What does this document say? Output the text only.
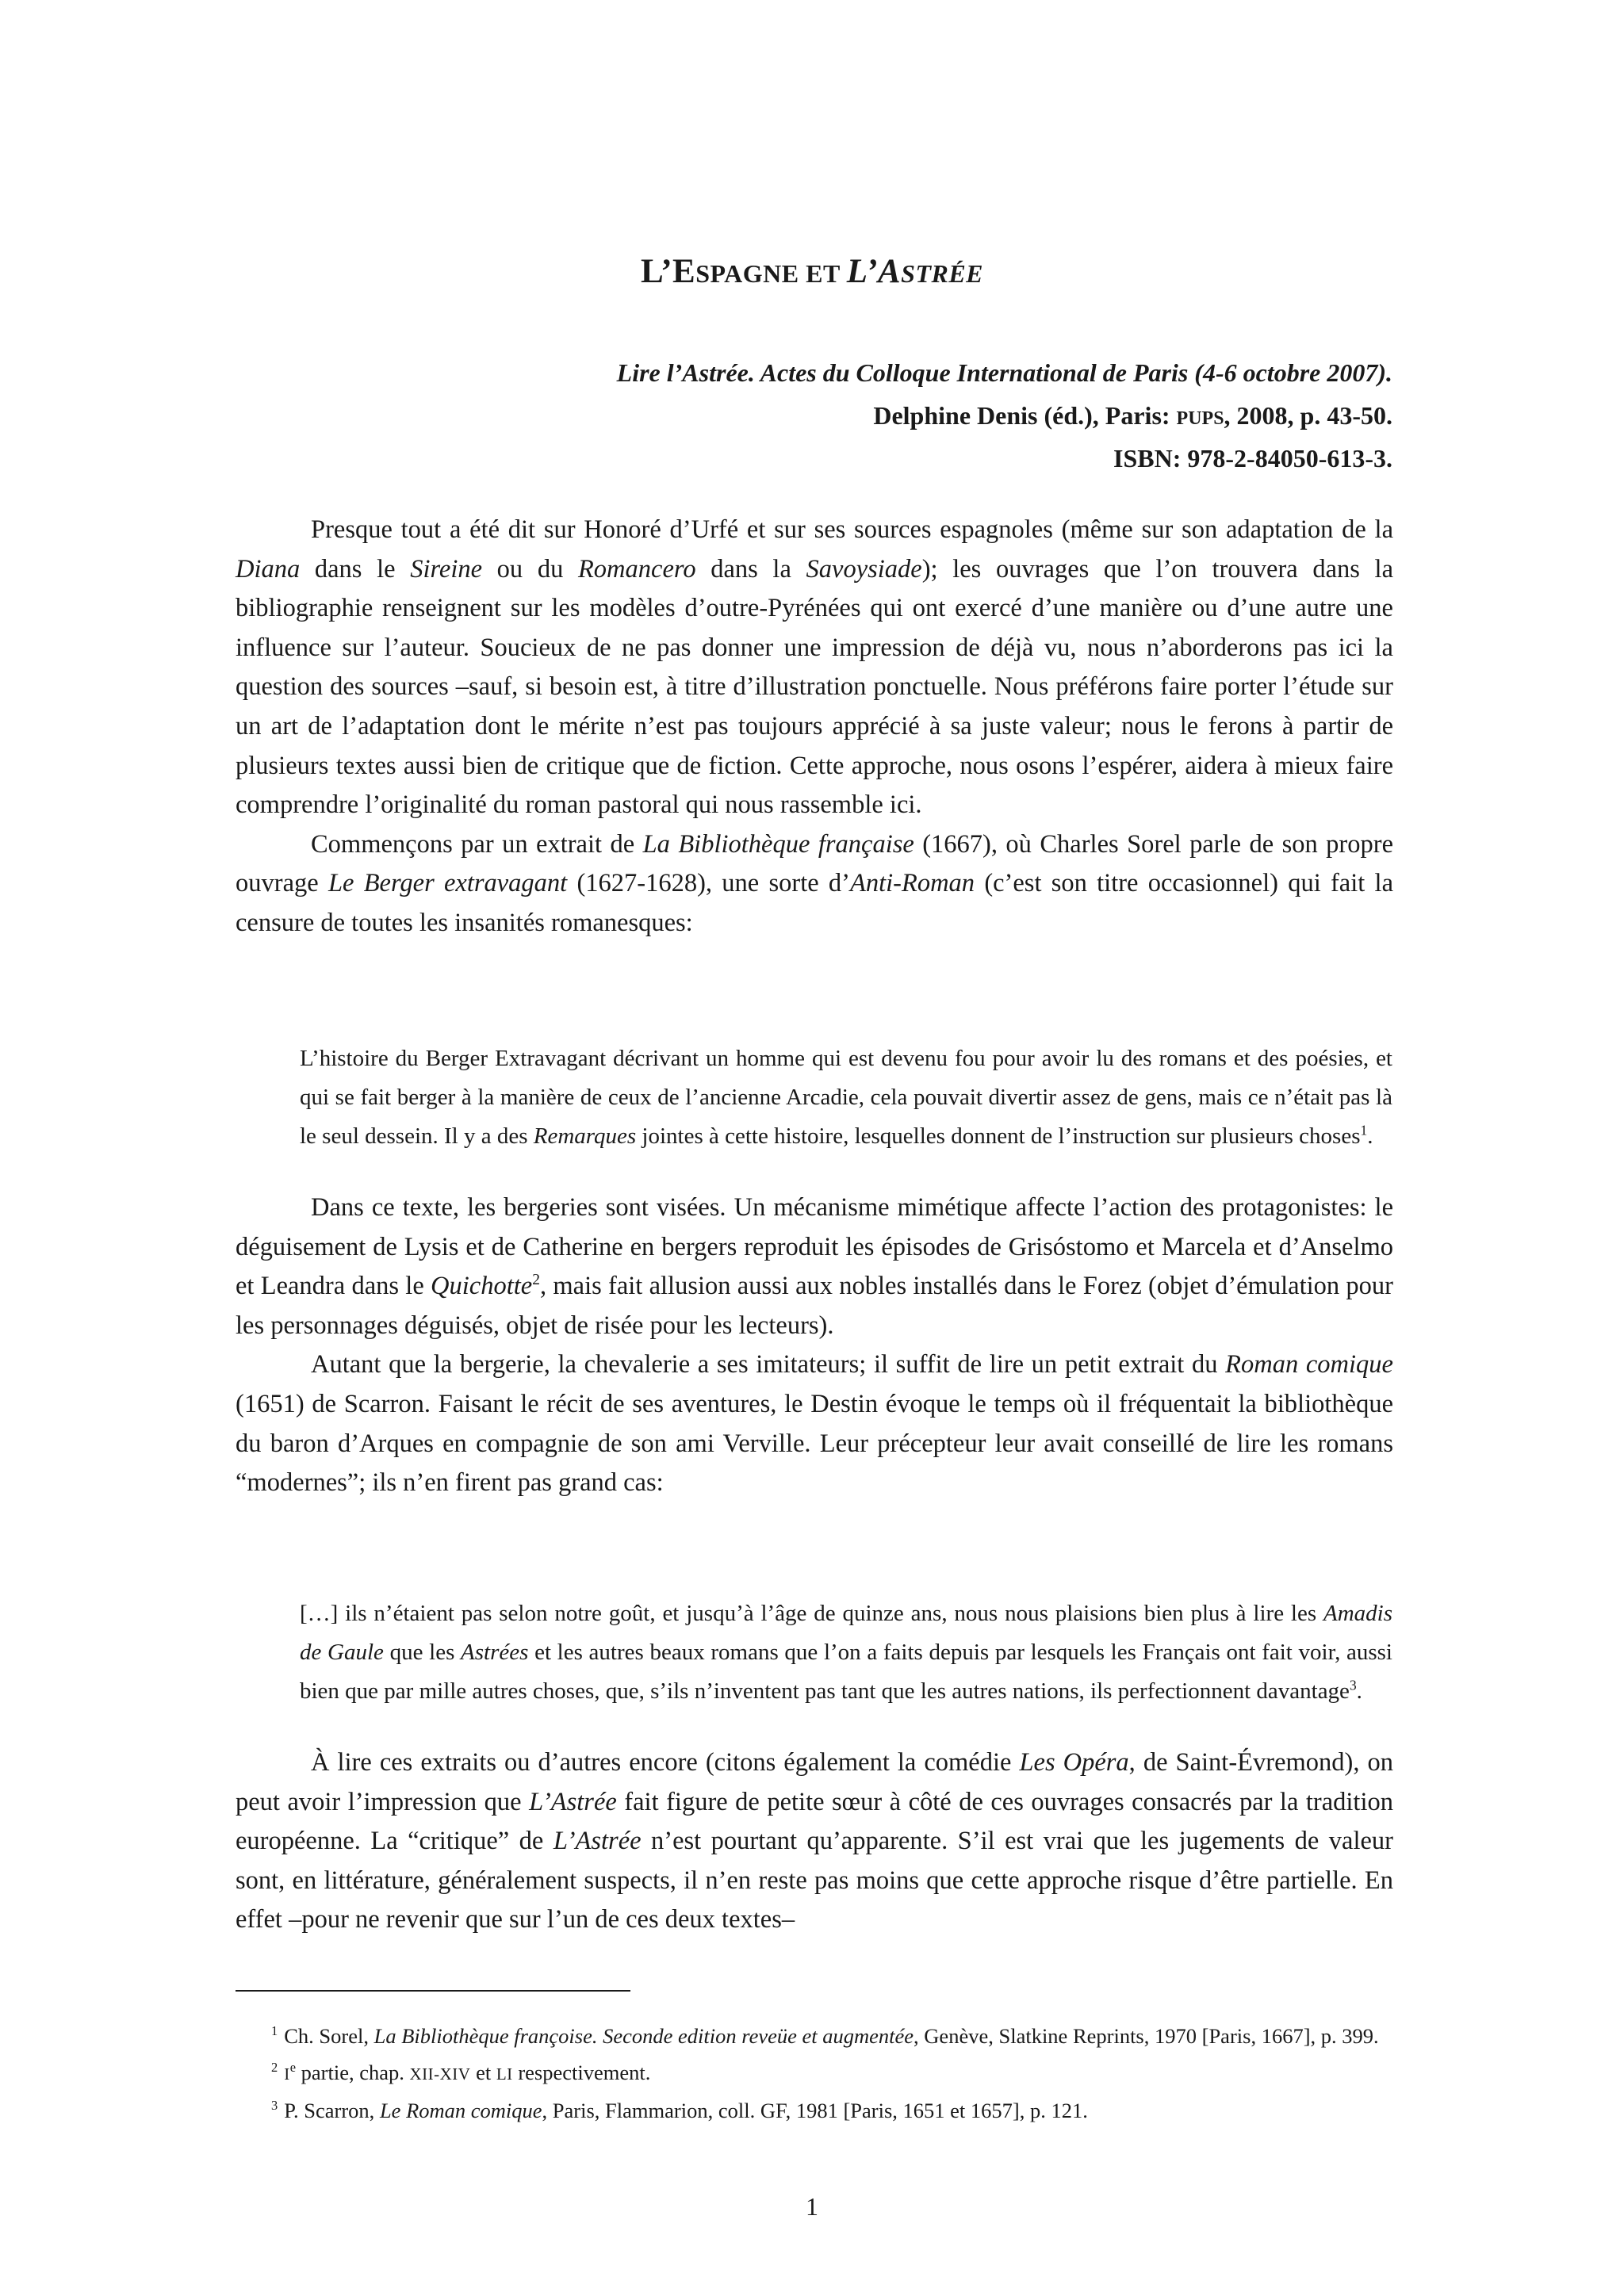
L’ESPAGNE ET L’ASTRÉE

Lire l’Astrée. Actes du Colloque International de Paris (4-6 octobre 2007).

Delphine Denis (éd.), Paris: PUPS, 2008, p. 43-50.

ISBN: 978-2-84050-613-3.

Presque tout a été dit sur Honoré d’Urfé et sur ses sources espagnoles (même sur son adaptation de la Diana dans le Sireine ou du Romancero dans la Savoysiade); les ouvrages que l’on trouvera dans la bibliographie renseignent sur les modèles d’outre-Pyrénées qui ont exercé d’une manière ou d’une autre une influence sur l’auteur. Soucieux de ne pas donner une impression de déjà vu, nous n’aborderons pas ici la question des sources –sauf, si besoin est, à titre d’illustration ponctuelle. Nous préférons faire porter l’étude sur un art de l’adaptation dont le mérite n’est pas toujours apprécié à sa juste valeur; nous le ferons à partir de plusieurs textes aussi bien de critique que de fiction. Cette approche, nous osons l’espérer, aidera à mieux faire comprendre l’originalité du roman pastoral qui nous rassemble ici.

Commençons par un extrait de La Bibliothèque française (1667), où Charles Sorel parle de son propre ouvrage Le Berger extravagant (1627-1628), une sorte d’Anti-Roman (c’est son titre occasionnel) qui fait la censure de toutes les insanités romanesques:

L’histoire du Berger Extravagant décrivant un homme qui est devenu fou pour avoir lu des romans et des poésies, et qui se fait berger à la manière de ceux de l’ancienne Arcadie, cela pouvait divertir assez de gens, mais ce n’était pas là le seul dessein. Il y a des Remarques jointes à cette histoire, lesquelles donnent de l’instruction sur plusieurs choses$^1$.

Dans ce texte, les bergeries sont visées. Un mécanisme mimétique affecte l’action des protagonistes: le déguisement de Lysis et de Catherine en bergers reproduit les épisodes de Grisóstomo et Marcela et d’Anselmo et Leandra dans le Quichotte$^2$, mais fait allusion aussi aux nobles installés dans le Forez (objet d’émulation pour les personnages déguisés, objet de risée pour les lecteurs).

Autant que la bergerie, la chevalerie a ses imitateurs; il suffit de lire un petit extrait du Roman comique (1651) de Scarron. Faisant le récit de ses aventures, le Destin évoque le temps où il fréquentait la bibliothèque du baron d’Arques en compagnie de son ami Verville. Leur précepteur leur avait conseillé de lire les romans “modernes”; ils n’en firent pas grand cas:

[…] ils n’étaient pas selon notre goût, et jusqu’à l’âge de quinze ans, nous nous plaisions bien plus à lire les Amadis de Gaule que les Astrées et les autres beaux romans que l’on a faits depuis par lesquels les Français ont fait voir, aussi bien que par mille autres choses, que, s’ils n’inventent pas tant que les autres nations, ils perfectionnent davantage$^3$.

À lire ces extraits ou d’autres encore (citons également la comédie Les Opéra, de Saint-Évremond), on peut avoir l’impression que L’Astrée fait figure de petite sœur à côté de ces ouvrages consacrés par la tradition européenne. La “critique” de L’Astrée n’est pourtant qu’apparente. S’il est vrai que les jugements de valeur sont, en littérature, généralement suspects, il n’en reste pas moins que cette approche risque d’être partielle. En effet –pour ne revenir que sur l’un de ces deux textes–

$^1$ Ch. Sorel, La Bibliothèque françoise. Seconde edition reveüe et augmentée, Genève, Slatkine Reprints, 1970 [Paris, 1667], p. 399.

$^2$ Ie partie, chap. XII-XIV et LI respectivement.

$^3$ P. Scarron, Le Roman comique, Paris, Flammarion, coll. GF, 1981 [Paris, 1651 et 1657], p. 121.

1
